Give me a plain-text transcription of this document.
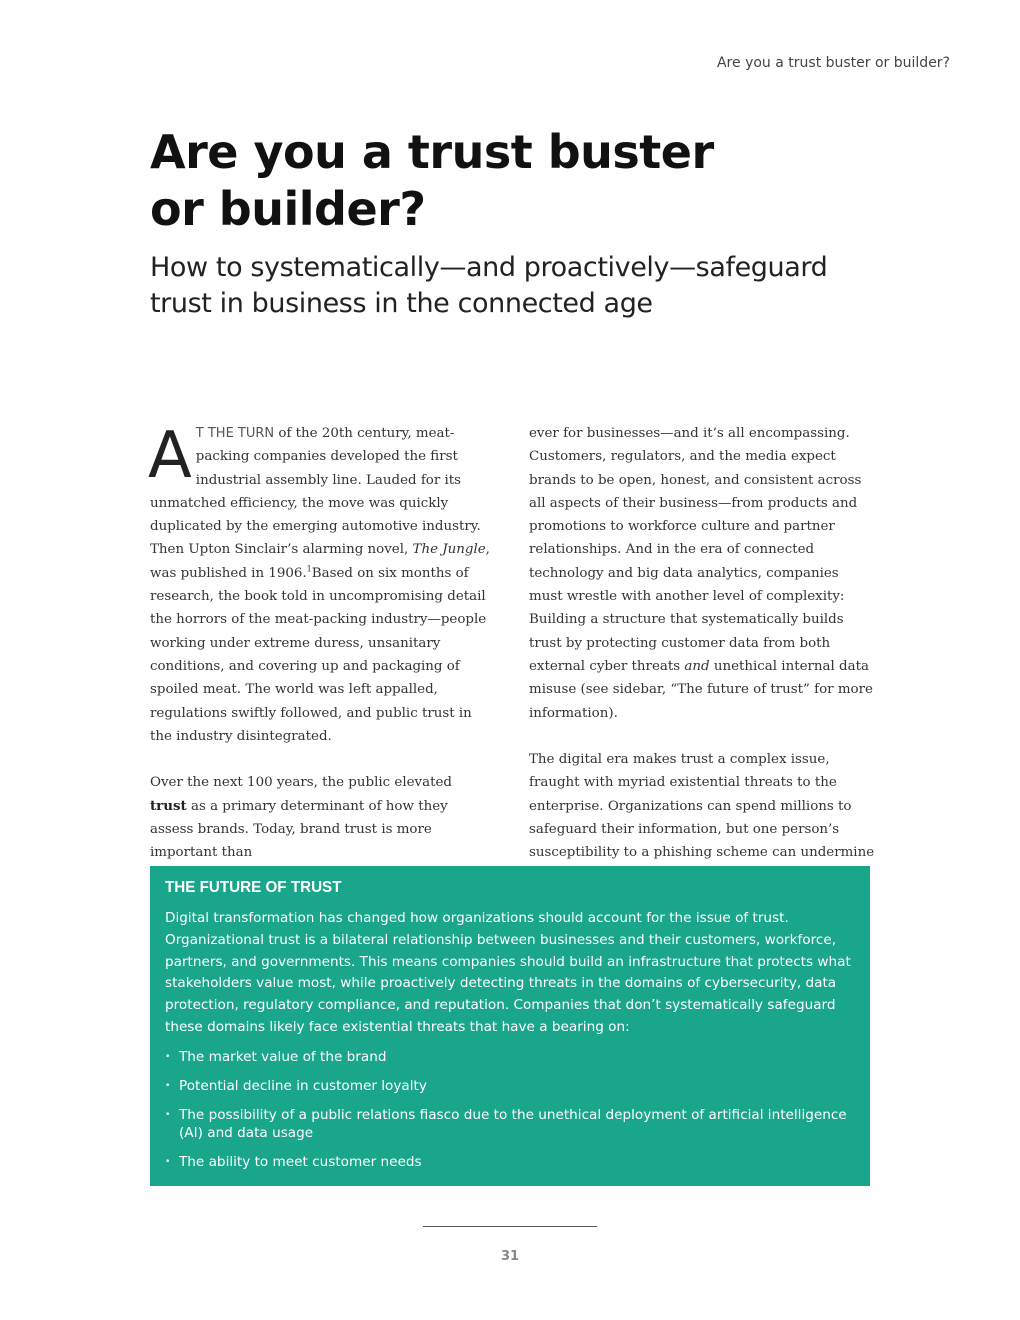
Are you a trust buster or builder?
Are you a trust buster
or builder?
How to systematically—and proactively—safeguard
trust in business in the connected age

A T THE TURN of the 20th century, meat-packing companies developed the first industrial assembly line. Lauded for its unmatched efficiency, the move was quickly duplicated by the emerging automotive industry. Then Upton Sinclair’s alarming novel, The Jungle, was published in 1906.$^1$Based on six months of research, the book told in uncompromising detail the horrors of the meat-packing industry—people working under extreme duress, unsanitary conditions, and covering up and packaging of spoiled meat. The world was left appalled, regulations swiftly followed, and public trust in the industry disintegrated.

Over the next 100 years, the public elevated trust as a primary determinant of how they assess brands. Today, brand trust is more important than

ever for businesses—and it’s all encompassing. Customers, regulators, and the media expect brands to be open, honest, and consistent across all aspects of their business—from products and promotions to workforce culture and partner relationships. And in the era of connected technology and big data analytics, companies must wrestle with another level of complexity: Building a structure that systematically builds trust by protecting customer data from both external cyber threats and unethical internal data misuse (see sidebar, “The future of trust” for more information).

The digital era makes trust a complex issue, fraught with myriad existential threats to the enterprise. Organizations can spend millions to safeguard their information, but one person’s susceptibility to a phishing scheme can undermine

THE FUTURE OF TRUST

Digital transformation has changed how organizations should account for the issue of trust. Organizational trust is a bilateral relationship between businesses and their customers, workforce, partners, and governments. This means companies should build an infrastructure that protects what stakeholders value most, while proactively detecting threats in the domains of cybersecurity, data protection, regulatory compliance, and reputation. Companies that don’t systematically safeguard these domains likely face existential threats that have a bearing on:

• The market value of the brand
• Potential decline in customer loyalty
• The possibility of a public relations fiasco due to the unethical deployment of artificial intelligence (AI) and data usage
• The ability to meet customer needs
31
